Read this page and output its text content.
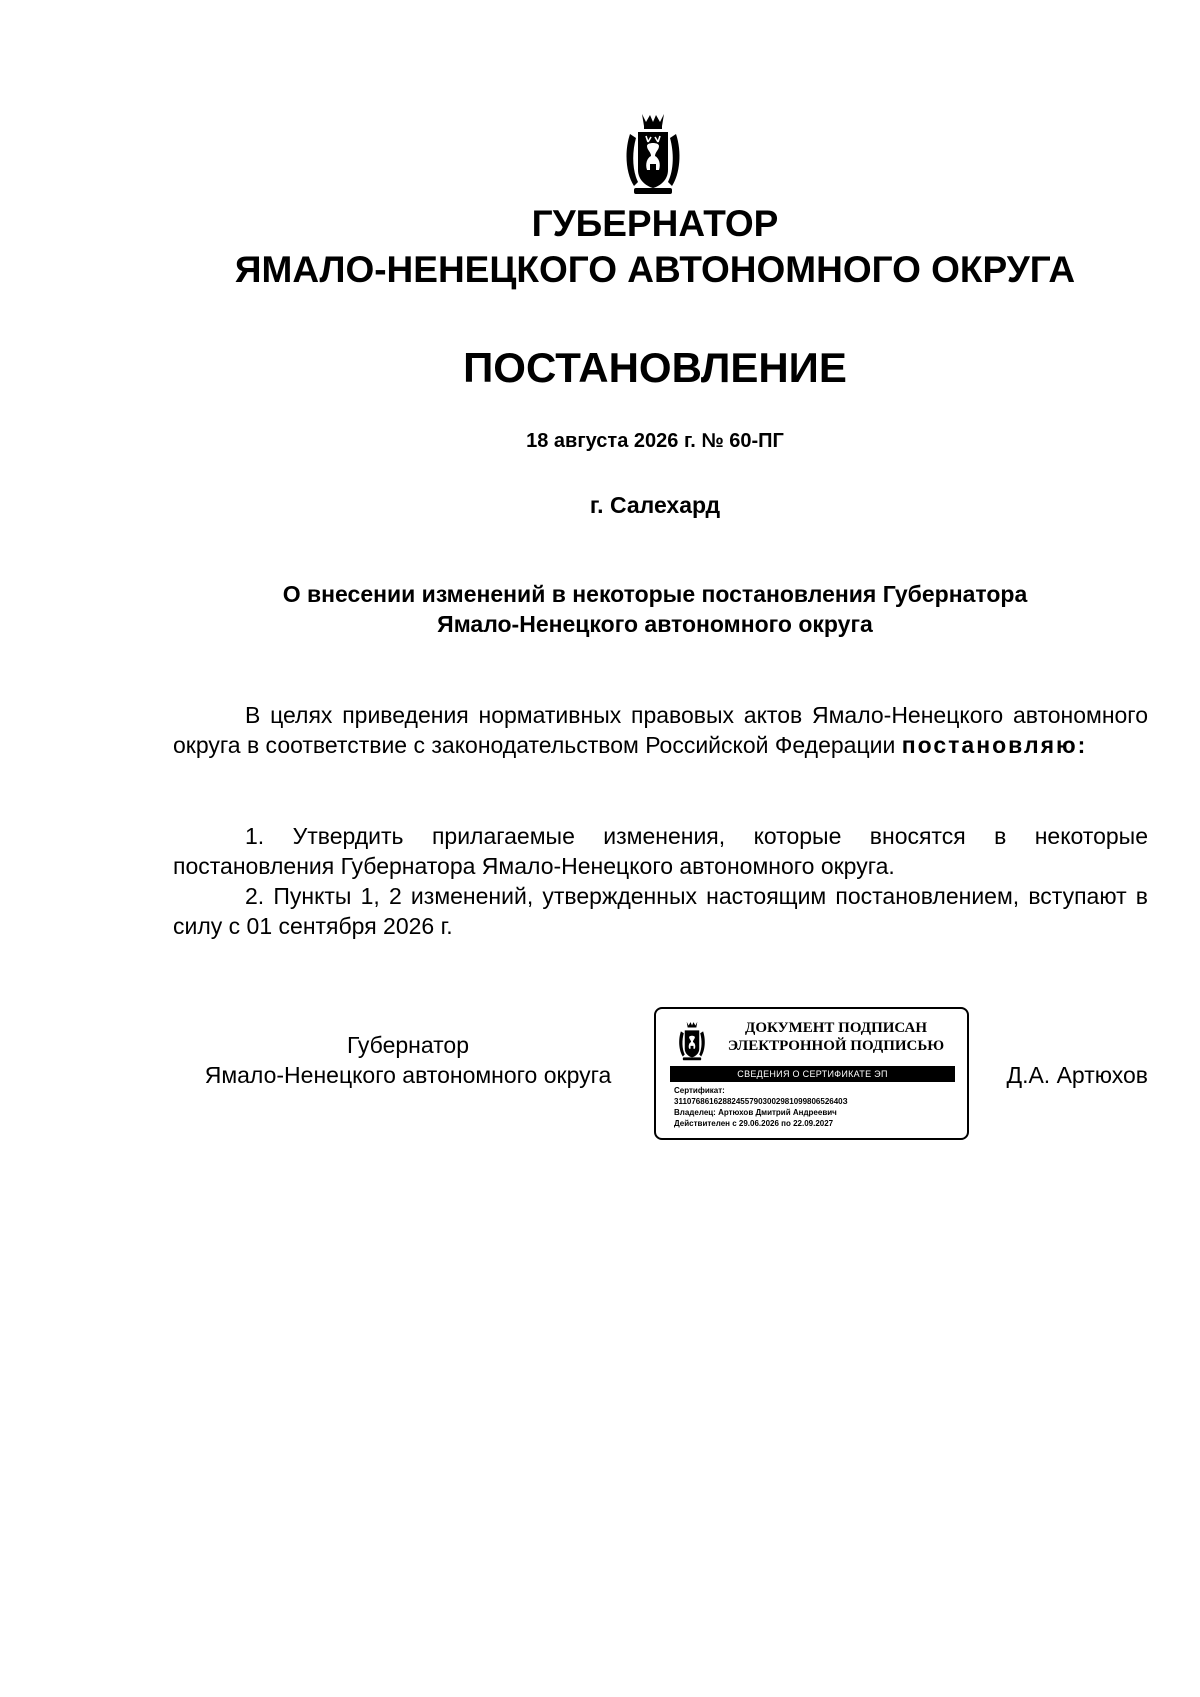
ГУБЕРНАТОР
ЯМАЛО-НЕНЕЦКОГО АВТОНОМНОГО ОКРУГА
ПОСТАНОВЛЕНИЕ
18 августа 2026 г. № 60-ПГ
г. Салехард
О внесении изменений в некоторые постановления Губернатора
Ямало-Ненецкого автономного округа
В целях приведения нормативных правовых актов Ямало-Ненецкого автономного округа в соответствие с законодательством Российской Федерации постановляю:
1. Утвердить прилагаемые изменения, которые вносятся в некоторые постановления Губернатора Ямало-Ненецкого автономного округа.
2. Пункты 1, 2 изменений, утвержденных настоящим постановлением, вступают в силу с 01 сентября 2026 г.
Губернатор
Ямало-Ненецкого автономного округа
ДОКУМЕНТ ПОДПИСАН
ЭЛЕКТРОННОЙ ПОДПИСЬЮ
СВЕДЕНИЯ О СЕРТИФИКАТЕ ЭП
Сертификат:
31107686162882455790300298109980652640З
Владелец: Артюхов Дмитрий Андреевич
Действителен с 29.06.2026 по 22.09.2027
Д.А. Артюхов
